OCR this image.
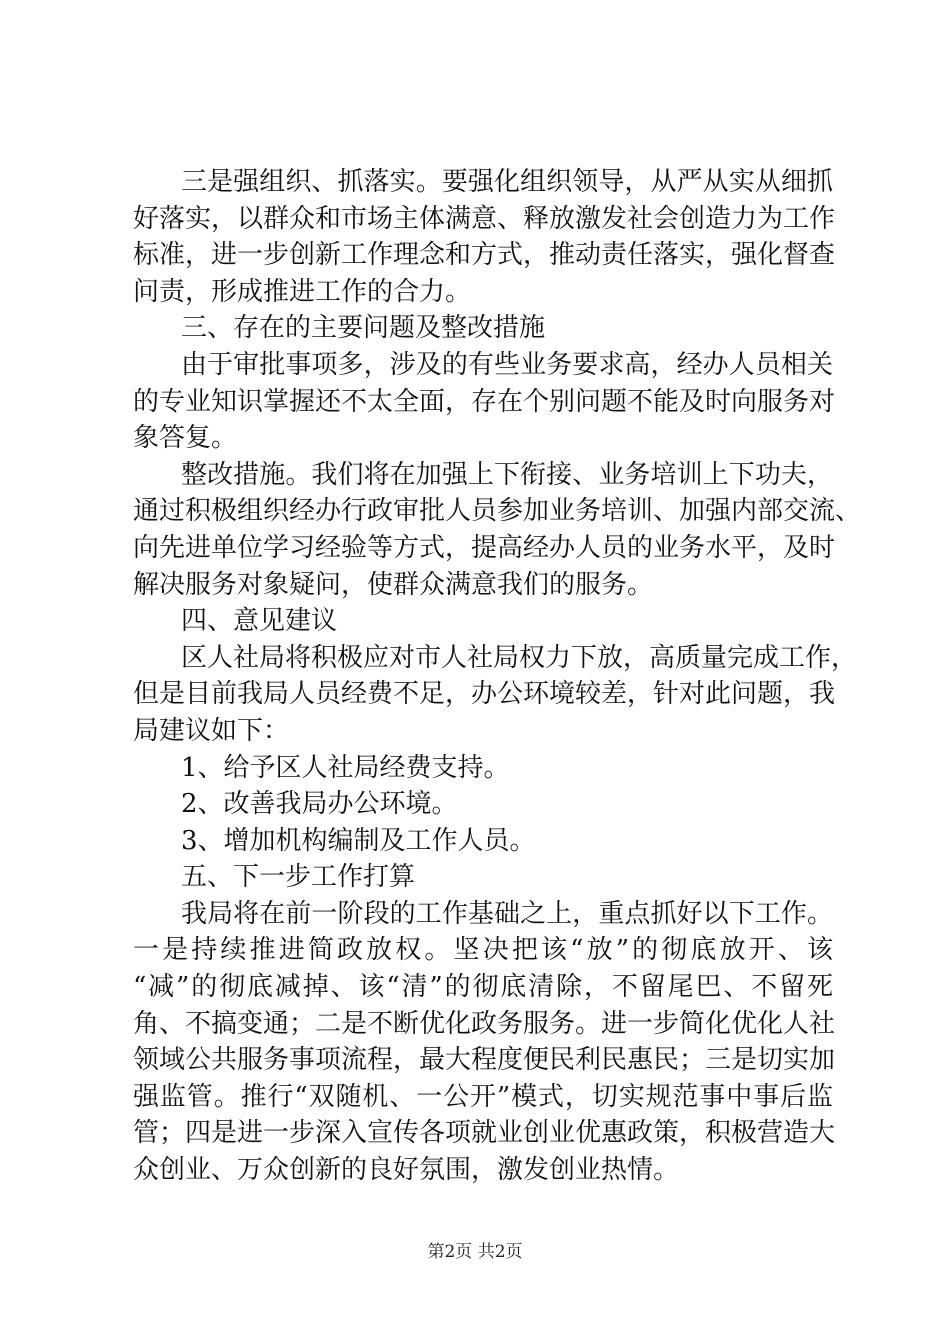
三是强组织、抓落实。要强化组织领导，从严从实从细抓
好落实，以群众和市场主体满意、释放激发社会创造力为工作
标准，进一步创新工作理念和方式，推动责任落实，强化督查
问责，形成推进工作的合力。
三、存在的主要问题及整改措施
由于审批事项多，涉及的有些业务要求高，经办人员相关
的专业知识掌握还不太全面，存在个别问题不能及时向服务对
象答复。
整改措施。我们将在加强上下衔接、业务培训上下功夫，
通过积极组织经办行政审批人员参加业务培训、加强内部交流、
向先进单位学习经验等方式，提高经办人员的业务水平，及时
解决服务对象疑问，使群众满意我们的服务。
四、意见建议
区人社局将积极应对市人社局权力下放，高质量完成工作，
但是目前我局人员经费不足，办公环境较差，针对此问题，我
局建议如下：
1、给予区人社局经费支持。
2、改善我局办公环境。
3、增加机构编制及工作人员。
五、下一步工作打算
我局将在前一阶段的工作基础之上，重点抓好以下工作。
一是持续推进简政放权。坚决把该“放”的彻底放开、该
“减”的彻底减掉、该“清”的彻底清除，不留尾巴、不留死
角、不搞变通；二是不断优化政务服务。进一步简化优化人社
领域公共服务事项流程，最大程度便民利民惠民；三是切实加
强监管。推行“双随机、一公开”模式，切实规范事中事后监
管；四是进一步深入宣传各项就业创业优惠政策，积极营造大
众创业、万众创新的良好氛围，激发创业热情。
第2页 共2页
